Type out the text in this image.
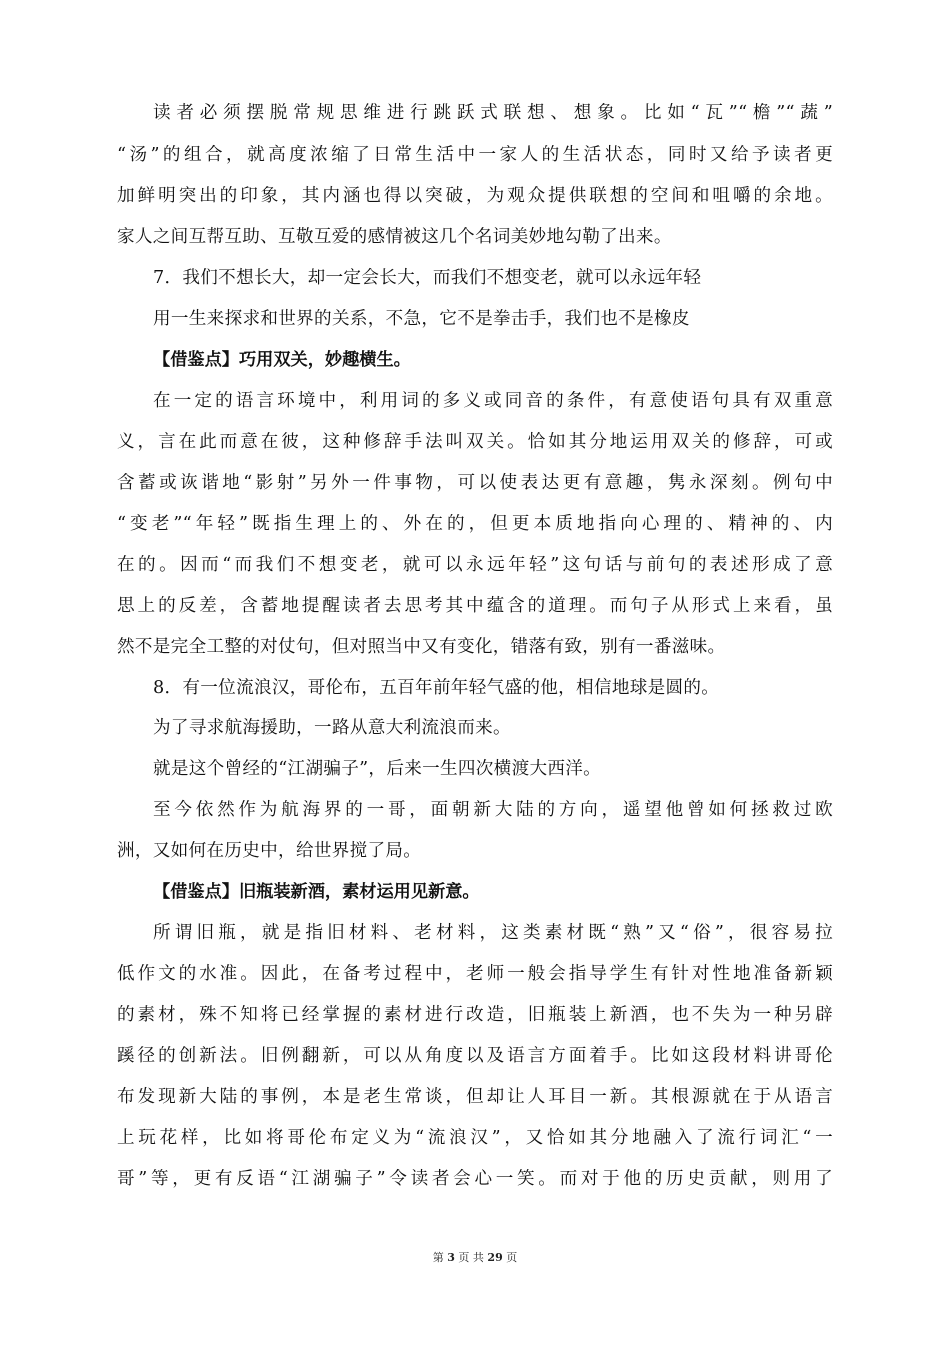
读者必须摆脱常规思维进行跳跃式联想、想象。比如“瓦”“檐”“蔬”
“汤”的组合，就高度浓缩了日常生活中一家人的生活状态，同时又给予读者更
加鲜明突出的印象，其内涵也得以突破，为观众提供联想的空间和咀嚼的余地。
家人之间互帮互助、互敬互爱的感情被这几个名词美妙地勾勒了出来。
7．我们不想长大，却一定会长大，而我们不想变老，就可以永远年轻
用一生来探求和世界的关系，不急，它不是拳击手，我们也不是橡皮
【借鉴点】巧用双关，妙趣横生。
在一定的语言环境中，利用词的多义或同音的条件，有意使语句具有双重意
义，言在此而意在彼，这种修辞手法叫双关。恰如其分地运用双关的修辞，可或
含蓄或诙谐地“影射”另外一件事物，可以使表达更有意趣，隽永深刻。例句中
“变老”“年轻”既指生理上的、外在的，但更本质地指向心理的、精神的、内
在的。因而“而我们不想变老，就可以永远年轻”这句话与前句的表述形成了意
思上的反差，含蓄地提醒读者去思考其中蕴含的道理。而句子从形式上来看，虽
然不是完全工整的对仗句，但对照当中又有变化，错落有致，别有一番滋味。
8．有一位流浪汉，哥伦布，五百年前年轻气盛的他，相信地球是圆的。
为了寻求航海援助，一路从意大利流浪而来。
就是这个曾经的“江湖骗子”，后来一生四次横渡大西洋。
至今依然作为航海界的一哥，面朝新大陆的方向，遥望他曾如何拯救过欧
洲，又如何在历史中，给世界搅了局。
【借鉴点】旧瓶装新酒，素材运用见新意。
所谓旧瓶，就是指旧材料、老材料，这类素材既“熟”又“俗”，很容易拉
低作文的水准。因此，在备考过程中，老师一般会指导学生有针对性地准备新颖
的素材，殊不知将已经掌握的素材进行改造，旧瓶装上新酒，也不失为一种另辟
蹊径的创新法。旧例翻新，可以从角度以及语言方面着手。比如这段材料讲哥伦
布发现新大陆的事例，本是老生常谈，但却让人耳目一新。其根源就在于从语言
上玩花样，比如将哥伦布定义为“流浪汉”，又恰如其分地融入了流行词汇“一
哥”等，更有反语“江湖骗子”令读者会心一笑。而对于他的历史贡献，则用了
第 3 页 共 29 页
